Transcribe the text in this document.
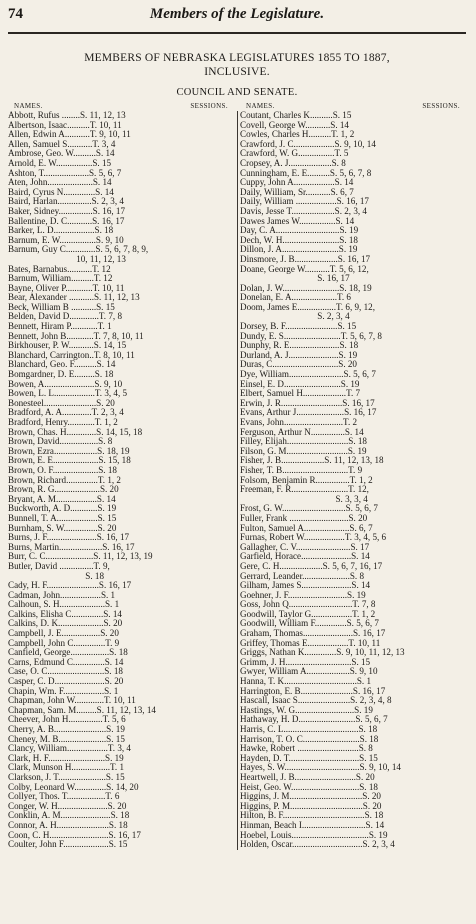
74	Members of the Legislature.
MEMBERS OF NEBRASKA LEGISLATURES 1855 TO 1887,
INCLUSIVE.
COUNCIL AND SENATE.
NAMES.	SESSIONS.
Abbott, Rufus ........S. 11, 12, 13
Albertson, Isaac..........T. 10, 11
Allen, Edwin A...........T. 9, 10, 11
Allen, Samuel S...........T. 3, 4
Ambrose, Geo. W..........S. 14
Arnold, E. W................S. 15
Ashton, T....................S. 5, 6, 7
Aten, John....................S. 14
Baird, Cyrus N..............S. 14
Baird, Harlan...............S. 2, 3, 4
Baker, Sidney...............S. 16, 17
Ballentine, D. C...........S. 16, 17
Barker, L. D..................S. 18
Barnum, E. W................S. 9, 10
Barnum, Guy C.............S. 5, 6, 7, 8, 9,
10, 11, 12, 13
Bates, Barnabus...........T. 12
Barnum, William..........T. 12
Bayne, Oliver P............T. 10, 11
Bear, Alexander ...........S. 11, 12, 13
Beck, William B ...........S. 15
Belden, David D.............T. 7, 8
Bennett, Hiram P............T. 1
Bennett, John B............T. 7, 8, 10, 11
Birkhouser, P. W...........S. 14, 15
Blanchard, Carrington..T. 8, 10, 11
Blanchard, Geo. F..........S. 14
Bomgardner, D. E.........S. 18
Bowen, A......................S. 9, 10
Bowen, L. L..................T. 3, 4, 5
Bonesteel.......................S. 20
Bradford, A. A.............T. 2, 3, 4
Bradford, Henry............T. 1, 2
Brown, Chas. H.............S. 14, 15, 18
Brown, David.................S. 8
Brown, Ezra...................S. 18, 19
Brown, E. E....................S. 15, 18
Brown, O. F....................S. 18
Brown, Richard..............T. 1, 2
Brown, R. G....................S. 20
Bryant, A. M..................S. 14
Buckworth, A. D............S. 19
Bunnell, T. A..................S. 15
Burnham, S. W...............S. 20
Burns, J. F......................S. 16, 17
Burns, Martin...................S. 16, 17
Burr, C. C.....................S. 11, 12, 13, 19
Butler, David ...............T. 9,
S. 18
Cady, H. F.......................S. 16, 17
Cadman, John..................S. 1
Calhoun, S. H....................S. 1
Calkins, Elisha C..............S. 14
Calkins, D. K....................S. 20
Campbell, J. E.................S. 20
Campbell, John C..............T. 9
Canfield, George.................S. 18
Carns, Edmund C..............S. 14
Case, O. C.........................S. 18
Casper, C. D......................S. 20
Chapin, Wm. F..................S. 1
Chapman, John W.............T. 10, 11
Chapman, Sam. M.........S. 11, 12, 13, 14
Cheever, John H...............T. 5, 6
Cherry, A. B.......................S. 19
Cheney, M. B.....................S. 15
Clancy, William..................T. 3, 4
Clark, H. F.........................S. 19
Clark, Munson H.................T. 1
Clarkson, J. T.....................S. 15
Colby, Leonard W..............S. 14, 20
Collyer, Thos. T.................T. 6
Conger, W. H......................S. 20
Conklin, A. M......................S. 18
Connor, A. H.......................S. 18
Coon, C. H..........................S. 16, 17
Coulter, John F....................S. 15
NAMES.	SESSIONS.
Coutant, Charles K..........S. 15
Covell, George W...........S. 14
Cowles, Charles H..........T. 1, 2
Crawford, J. C..................S. 9, 10, 14
Crawford, W. G................T. 5
Cropsey, A. J...................S. 8
Cunningham, E. E..........S. 5, 6, 7, 8
Cuppy, John A..................S. 14
Daily, William, Sr...........S. 6, 7
Daily, William ..................S. 16, 17
Davis, Jesse T...................S. 2, 3, 4
Dawes James W................S. 14
Day, C. A............................S. 19
Dech, W. H.........................S. 18
Dillon, J. A.........................S. 19
Dinsmore, J. B...................S. 16, 17
Doane, George W...........T. 5, 6, 12,
S. 16, 17
Dolan, J. W.........................S. 18, 19
Donelan, E. A....................T. 6
Doom, James E.................T. 6, 9, 12,
S. 2, 3, 4
Dorsey, B. F.......................S. 15
Dundy, E. S.........................T. 5, 6, 7, 8
Dunphy, R. E......................S. 18
Durland, A. J......................S. 19
Duras, C.............................S. 20
Dye, William........................S. 5, 6, 7
Einsel, E. D.........................S. 19
Elbert, Samuel H...................T. 7
Erwin, J. R...........................S. 16, 17
Evans, Arthur J.....................S. 16, 17
Evans, John..........................T. 2
Ferguson, Arthur N...............S. 14
Filley, Elijah...........................S. 18
Filson, G. M...........................S. 19
Fisher, J. B...................S. 11, 12, 13, 18
Fisher, T. B.............................T. 9
Folsom, Benjamin R...............T. 1, 2
Freeman, F. R.........................T. 12,
S. 3, 3, 4
Frost, G. W............................S. 5, 6, 7
Fuller, Frank ..........................S. 20
Fulton, Samuel A....................S. 6, 7
Furnas, Robert W..................T. 3, 4, 5, 6
Gallagher, C. V........................S. 17
Garfield, Horace......................S. 14
Gere, C. H...................S. 5, 6, 7, 16, 17
Gerrard, Leander.....................S. 8
Gilham, James S......................S. 14
Goehner, J. F..........................S. 19
Goss, John Q............................T. 7, 8
Goodwill, Taylor G..................T. 1, 2
Goodwill, William F..............S. 5, 6, 7
Graham, Thomas......................S. 16, 17
Griffey, Thomas E..................T. 10, 11
Griggs, Nathan K..............S. 9, 10, 11, 12, 13
Grimm, J. H.............................S. 15
Gwyer, William A...................S. 9, 10
Hanna, T. K................................S. 1
Harrington, E. B.......................S. 16, 17
Hascall, Isaac S.......................S. 2, 3, 4, 8
Hastings, W. G..........................S. 19
Hathaway, H. D.........................S. 5, 6, 7
Harris, C. L.................................S. 18
Harrison, T. O. C.........................S. 18
Hawke, Robert ...........................S. 8
Hayden, D. T...............................S. 15
Hayes, S. W.................................S. 9, 10, 14
Heartwell, J. B...........................S. 20
Heist, Geo. W..............................S. 18
Higgins, J. M................................S. 20
Higgins, P. M................................S. 20
Hilton, B. F....................................S. 18
Hinman, Beach I............................S. 14
Hoebel, Louis..................................S. 19
Holden, Oscar...............................S. 2, 3, 4
